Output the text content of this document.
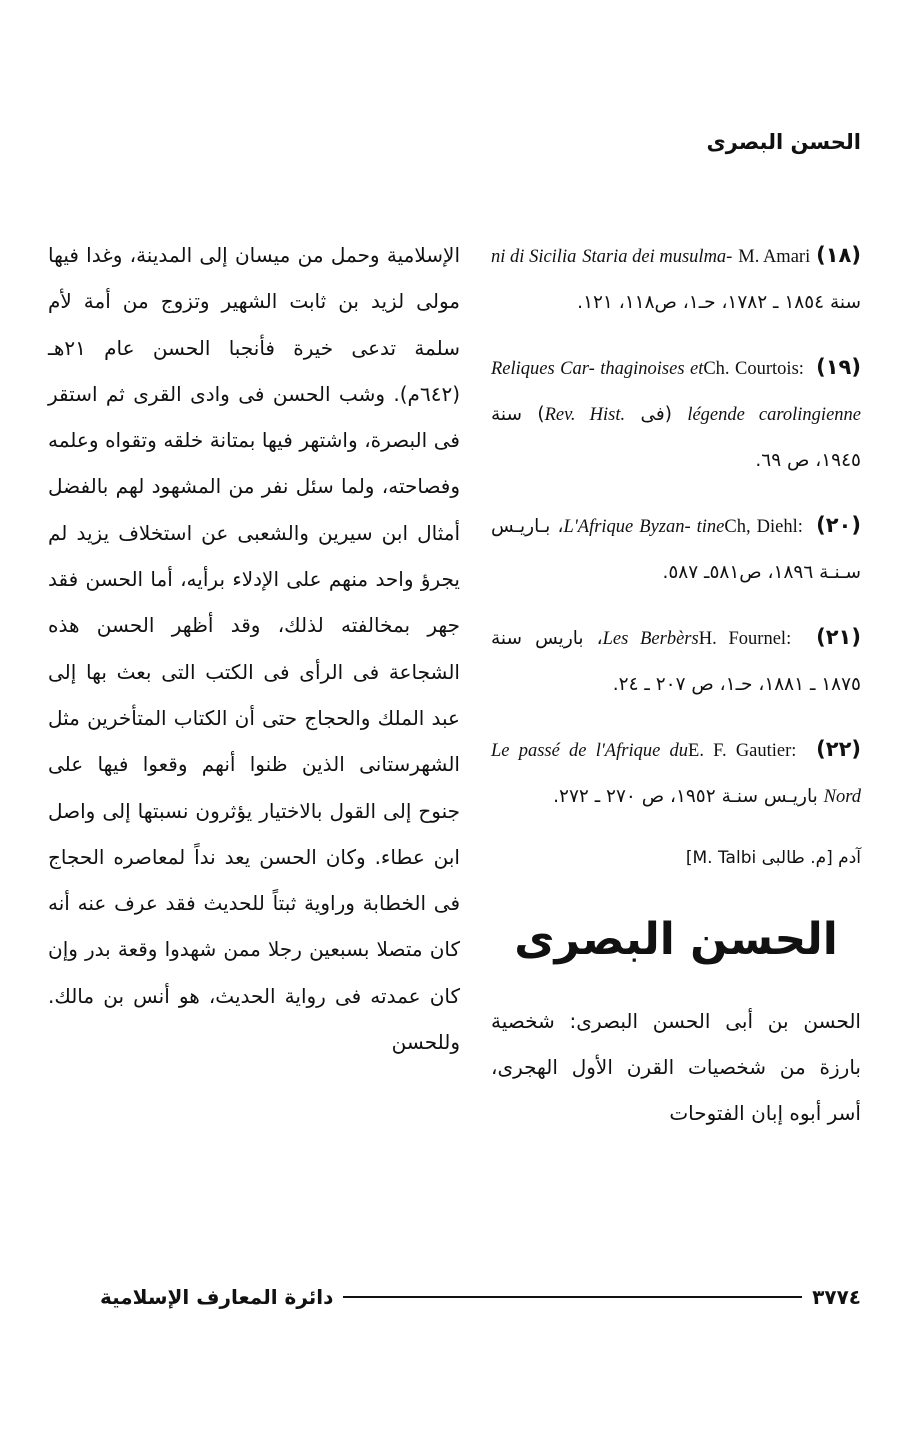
الحسن البصرى

(١٨) M. Amari Staria dei musulma- ni di Sicilia سنة ١٨٥٤ ـ ١٧٨٢، حـ١، ص١١٨، ١٢١.

(١٩) Ch. Courtois: Reliques Car- thaginoises et légende carolingienne (فى Rev. Hist.) سنة ١٩٤٥، ص ٦٩.

(٢٠) Ch, Diehl: L'Afrique Byzan- tine، بـاريـس سـنـة ١٨٩٦، ص٥٨١ـ ٥٨٧.

(٢١) H. Fournel: Les Berbèrs، باريس سنة ١٨٧٥ ـ ١٨٨١، حـ١، ص ٢٠٧ ـ ٢٤.

(٢٢) E. F. Gautier: Le passé de l'Afrique du Nord باريـس سنـة ١٩٥٢، ص ٢٧٠ ـ ٢٧٢.

آدم [م. طالبى M. Talbi]

الحسن البصرى

الحسن بن أبى الحسن البصرى: شخصية بارزة من شخصيات القرن الأول الهجرى، أسر أبوه إبان الفتوحات

الإسلامية وحمل من ميسان إلى المدينة، وغدا فيها مولى لزيد بن ثابت الشهير وتزوج من أمة لأم سلمة تدعى خيرة فأنجبا الحسن عام ٢١هـ (٦٤٢م). وشب الحسن فى وادى القرى ثم استقر فى البصرة، واشتهر فيها بمتانة خلقه وتقواه وعلمه وفصاحته، ولما سئل نفر من المشهود لهم بالفضل أمثال ابن سيرين والشعبى عن استخلاف يزيد لم يجرؤ واحد منهم على الإدلاء برأيه، أما الحسن فقد جهر بمخالفته لذلك، وقد أظهر الحسن هذه الشجاعة فى الرأى فى الكتب التى بعث بها إلى عبد الملك والحجاج حتى أن الكتاب المتأخرين مثل الشهرستانى الذين ظنوا أنهم وقعوا فيها على جنوح إلى القول بالاختيار يؤثرون نسبتها إلى واصل ابن عطاء. وكان الحسن يعد نداً لمعاصره الحجاج فى الخطابة وراوية ثبتاً للحديث فقد عرف عنه أنه كان متصلا بسبعين رجلا ممن شهدوا وقعة بدر وإن كان عمدته فى رواية الحديث، هو أنس بن مالك. وللحسن

٣٧٧٤
دائرة المعارف الإسلامية
